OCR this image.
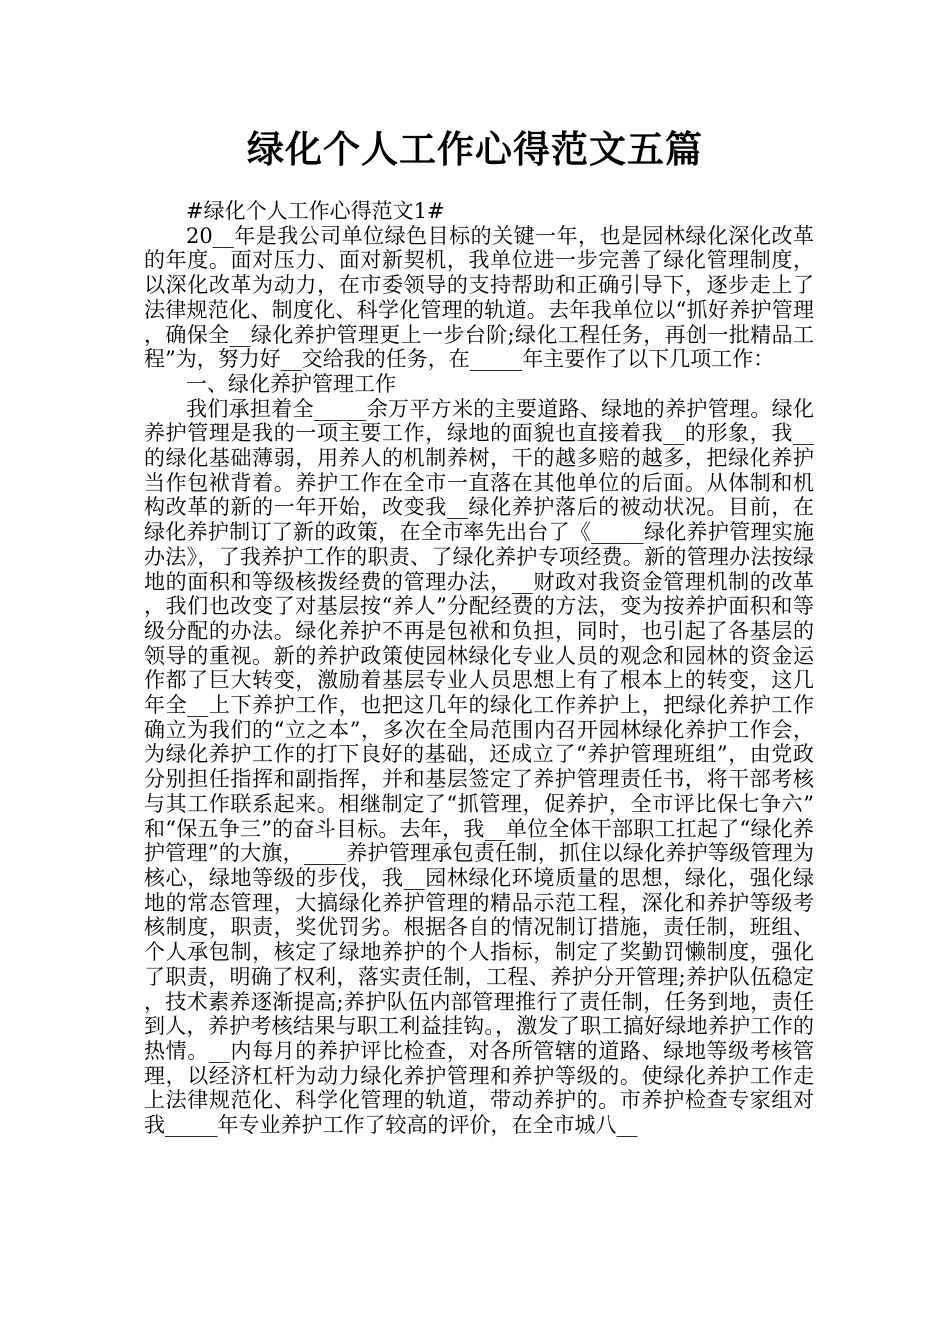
绿化个人工作心得范文五篇

#绿化个人工作心得范文1#

20__年是我公司单位绿色目标的关键一年，也是园林绿化深化改革的年度。面对压力、面对新契机，我单位进一步完善了绿化管理制度，以深化改革为动力，在市委领导的支持帮助和正确引导下，逐步走上了法律规范化、制度化、科学化管理的轨道。去年我单位以“抓好养护管理，确保全__绿化养护管理更上一步台阶;绿化工程任务，再创一批精品工程”为，努力好__交给我的任务，在_____年主要作了以下几项工作：

一、绿化养护管理工作

我们承担着全_____余万平方米的主要道路、绿地的养护管理。绿化养护管理是我的一项主要工作，绿地的面貌也直接着我__的形象，我__的绿化基础薄弱，用养人的机制养树，干的越多赔的越多，把绿化养护当作包袱背着。养护工作在全市一直落在其他单位的后面。从体制和机构改革的新的一年开始，改变我__绿化养护落后的被动状况。目前，在绿化养护制订了新的政策，在全市率先出台了《_____绿化养护管理实施办法》，了我养护工作的职责、了绿化养护专项经费。新的管理办法按绿地的面积和等级核拨经费的管理办法，__财政对我资金管理机制的改革，我们也改变了对基层按“养人”分配经费的方法，变为按养护面积和等级分配的办法。绿化养护不再是包袱和负担，同时，也引起了各基层的领导的重视。新的养护政策使园林绿化专业人员的观念和园林的资金运作都了巨大转变，激励着基层专业人员思想上有了根本上的转变，这几年全__上下养护工作，也把这几年的绿化工作养护上，把绿化养护工作确立为我们的“立之本”，多次在全局范围内召开园林绿化养护工作会，为绿化养护工作的打下良好的基础，还成立了“养护管理班组”，由党政分别担任指挥和副指挥，并和基层签定了养护管理责任书，将干部考核与其工作联系起来。相继制定了“抓管理，促养护，全市评比保七争六”和“保五争三”的奋斗目标。去年，我__单位全体干部职工扛起了“绿化养护管理”的大旗，____养护管理承包责任制，抓住以绿化养护等级管理为核心，绿地等级的步伐，我__园林绿化环境质量的思想，绿化，强化绿地的常态管理，大搞绿化养护管理的精品示范工程，深化和养护等级考核制度，职责，奖优罚劣。根据各自的情况制订措施，责任制，班组、个人承包制，核定了绿地养护的个人指标，制定了奖勤罚懒制度，强化了职责，明确了权利，落实责任制，工程、养护分开管理;养护队伍稳定，技术素养逐渐提高;养护队伍内部管理推行了责任制，任务到地，责任到人，养护考核结果与职工利益挂钩。，激发了职工搞好绿地养护工作的热情。__内每月的养护评比检查，对各所管辖的道路、绿地等级考核管理，以经济杠杆为动力绿化养护管理和养护等级的。使绿化养护工作走上法律规范化、科学化管理的轨道，带动养护的。市养护检查专家组对我_____年专业养护工作了较高的评价，在全市城八__
